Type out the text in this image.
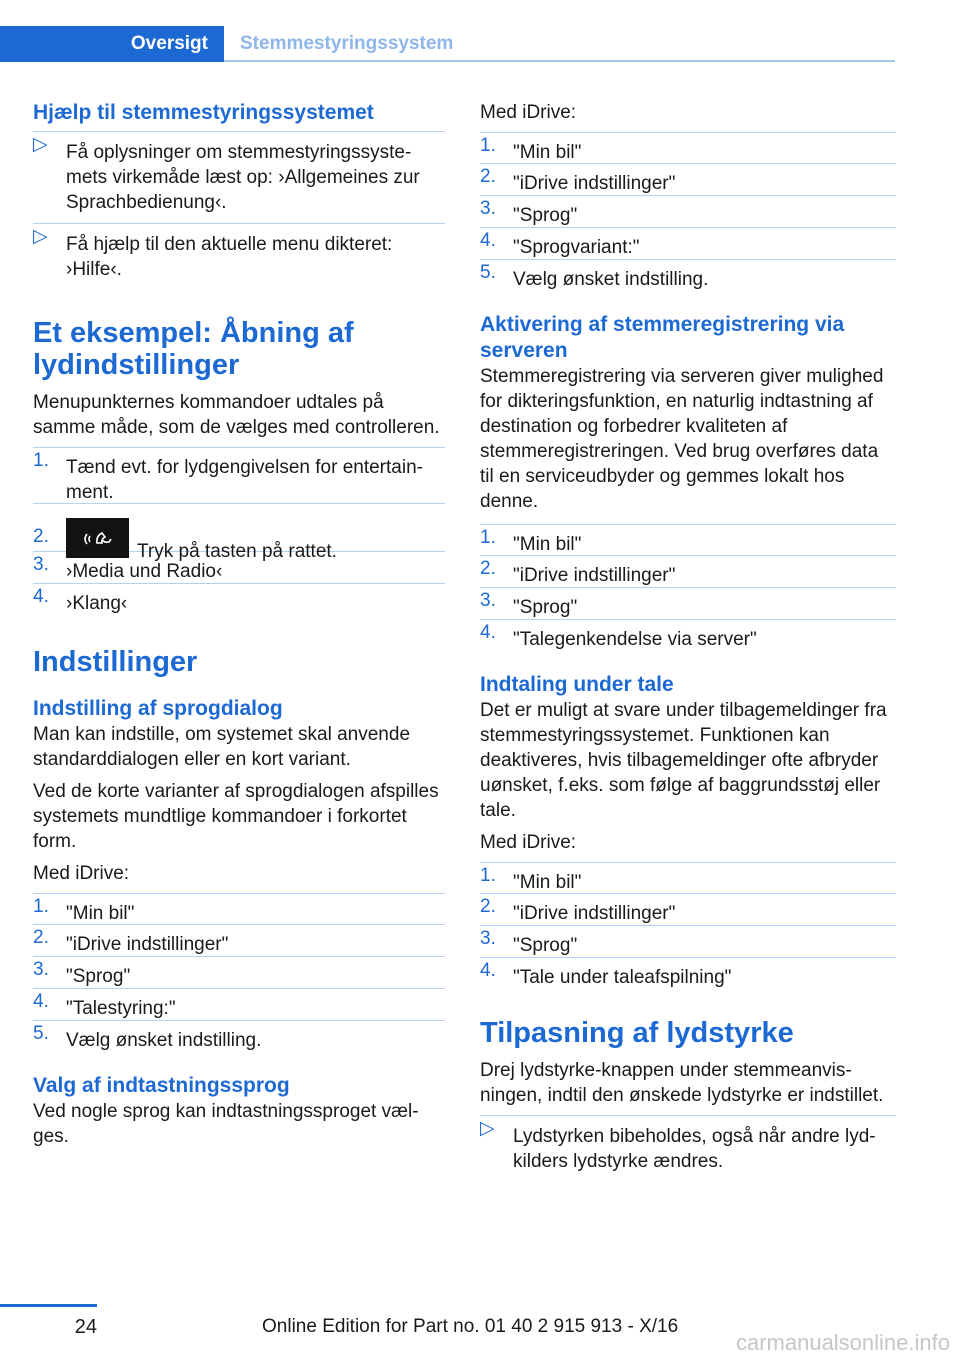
Oversigt	Stemmestyringssystem
Hjælp til stemmestyringssystemet
▷ Få oplysninger om stemmestyringssystemets virkemåde læst op: ›Allgemeines zur Sprachbedienung‹.
▷ Få hjælp til den aktuelle menu dikteret: ›Hilfe‹.
Et eksempel: Åbning af lydindstillinger
Menupunkternes kommandoer udtales på samme måde, som de vælges med controlleren.
1. Tænd evt. for lydgengivelsen for entertainment.
2.
Tryk på tasten på rattet.
3. ›Media und Radio‹
4. ›Klang‹
Indstillinger
Indstilling af sprogdialog
Man kan indstille, om systemet skal anvende standarddialogen eller en kort variant.
Ved de korte varianter af sprogdialogen afspilles systemets mundtlige kommandoer i forkortet form.
Med iDrive:
1. "Min bil"
2. "iDrive indstillinger"
3. "Sprog"
4. "Talestyring:"
5. Vælg ønsket indstilling.
Valg af indtastningssprog
Ved nogle sprog kan indtastningssproget vælges.
Med iDrive:
1. "Min bil"
2. "iDrive indstillinger"
3. "Sprog"
4. "Sprogvariant:"
5. Vælg ønsket indstilling.
Aktivering af stemmeregistrering via serveren
Stemmeregistrering via serveren giver mulighed for dikteringsfunktion, en naturlig indtastning af destination og forbedrer kvaliteten af stemmeregistreringen. Ved brug overføres data til en serviceudbyder og gemmes lokalt hos denne.
1. "Min bil"
2. "iDrive indstillinger"
3. "Sprog"
4. "Talegenkendelse via server"
Indtaling under tale
Det er muligt at svare under tilbagemeldinger fra stemmestyringssystemet. Funktionen kan deaktiveres, hvis tilbagemeldinger ofte afbryder uønsket, f.eks. som følge af baggrundsstøj eller tale.
Med iDrive:
1. "Min bil"
2. "iDrive indstillinger"
3. "Sprog"
4. "Tale under taleafspilning"
Tilpasning af lydstyrke
Drej lydstyrke-knappen under stemmeanvisningen, indtil den ønskede lydstyrke er indstillet.
▷ Lydstyrken bibeholdes, også når andre lydkilders lydstyrke ændres.
24	Online Edition for Part no. 01 40 2 915 913 - X/16
carmanualsonline.info
